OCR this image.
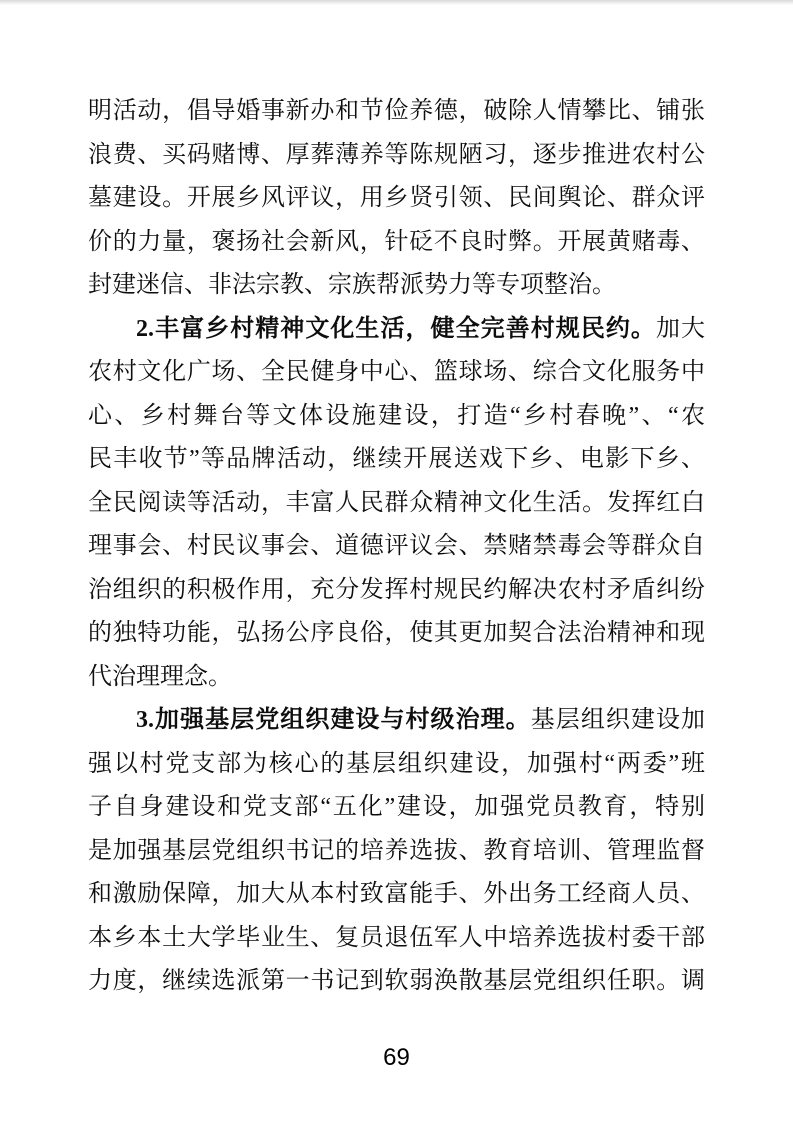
明活动，倡导婚事新办和节俭养德，破除人情攀比、铺张
浪费、买码赌博、厚葬薄养等陈规陋习，逐步推进农村公
墓建设。开展乡风评议，用乡贤引领、民间舆论、群众评
价的力量，褒扬社会新风，针砭不良时弊。开展黄赌毒、
封建迷信、非法宗教、宗族帮派势力等专项整治。
2.丰富乡村精神文化生活，健全完善村规民约。加大
农村文化广场、全民健身中心、篮球场、综合文化服务中
心、乡村舞台等文体设施建设，打造“乡村春晚”、“农
民丰收节”等品牌活动，继续开展送戏下乡、电影下乡、
全民阅读等活动，丰富人民群众精神文化生活。发挥红白
理事会、村民议事会、道德评议会、禁赌禁毒会等群众自
治组织的积极作用，充分发挥村规民约解决农村矛盾纠纷
的独特功能，弘扬公序良俗，使其更加契合法治精神和现
代治理理念。
3.加强基层党组织建设与村级治理。基层组织建设加
强以村党支部为核心的基层组织建设，加强村“两委”班
子自身建设和党支部“五化”建设，加强党员教育，特别
是加强基层党组织书记的培养选拔、教育培训、管理监督
和激励保障，加大从本村致富能手、外出务工经商人员、
本乡本土大学毕业生、复员退伍军人中培养选拔村委干部
力度，继续选派第一书记到软弱涣散基层党组织任职。调
69
